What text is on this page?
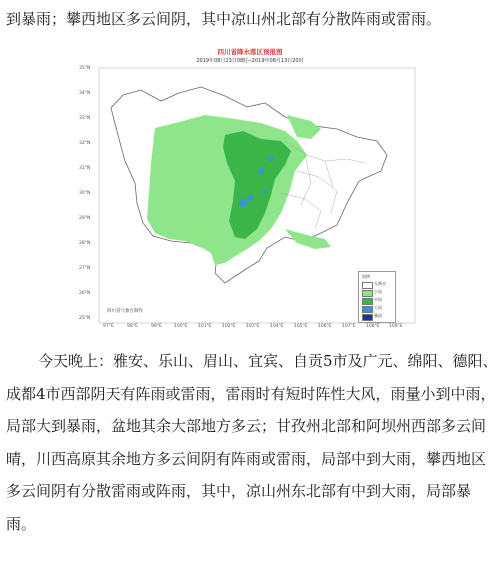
到暴雨；攀西地区多云间阴，其中凉山州北部有分散阵雨或雷雨。

四川省降水落区预报图
2019年08月13日08时--2019年08月13日20时
35°N
34°N
33°N
32°N
31°N
30°N
29°N
28°N
27°N
26°N
25°N
97°E	98°E	99°E	100°E 101°E 102°E 103°E 104°E 105°E 106°E 107°E 108°E 109°E
四川省气象台制作
图例
无降水
小雨
中雨
大雨
暴雨

今天晚上：雅安、乐山、眉山、宜宾、自贡5市及广元、绵阳、德阳、成都4市西部阴天有阵雨或雷雨，雷雨时有短时阵性大风，雨量小到中雨，局部大到暴雨，盆地其余大部地方多云；甘孜州北部和阿坝州西部多云间晴，川西高原其余地方多云间阴有阵雨或雷雨，局部中到大雨，攀西地区多云间阴有分散雷雨或阵雨，其中，凉山州东北部有中到大雨，局部暴雨。
